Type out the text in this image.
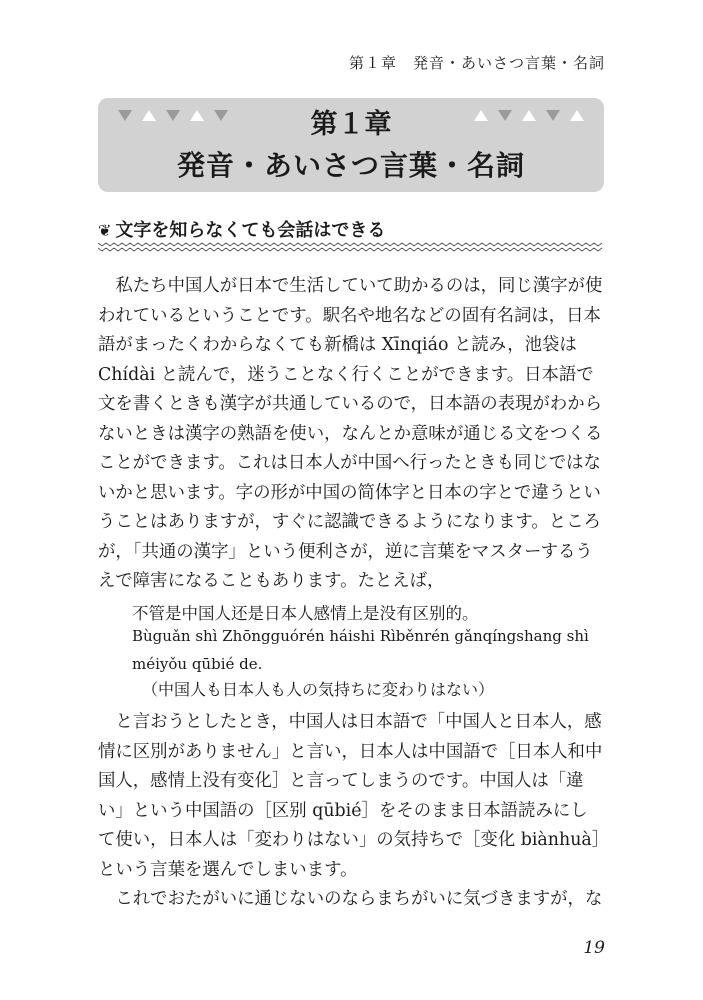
第１章　発音・あいさつ言葉・名詞
第１章
発音・あいさつ言葉・名詞
❦ 文字を知らなくても会話はできる

私たち中国人が日本で生活していて助かるのは，同じ漢字が使われているということです。駅名や地名などの固有名詞は，日本語がまったくわからなくても新橋は Xīnqiáo と読み，池袋は Chídài と読んで，迷うことなく行くことができます。日本語で文を書くときも漢字が共通しているので，日本語の表現がわからないときは漢字の熟語を使い，なんとか意味が通じる文をつくることができます。これは日本人が中国へ行ったときも同じではないかと思います。字の形が中国の简体字と日本の字とで違うということはありますが，すぐに認識できるようになります。ところが，「共通の漢字」という便利さが，逆に言葉をマスターするうえで障害になることもあります。たとえば，

不管是中国人还是日本人感情上是没有区别的。
Bùguǎn shì Zhōngguórén háishi Rìběnrén gǎnqíngshang shì méiyǒu qūbié de.
（中国人も日本人も人の気持ちに変わりはない）

と言おうとしたとき，中国人は日本語で「中国人と日本人，感情に区別がありません」と言い，日本人は中国語で［日本人和中国人，感情上没有变化］と言ってしまうのです。中国人は「違い」という中国語の［区别 qūbié］をそのまま日本語読みにして使い，日本人は「変わりはない」の気持ちで［变化 biànhuà］という言葉を選んでしまいます。

これでおたがいに通じないのならまちがいに気づきますが，な

19
